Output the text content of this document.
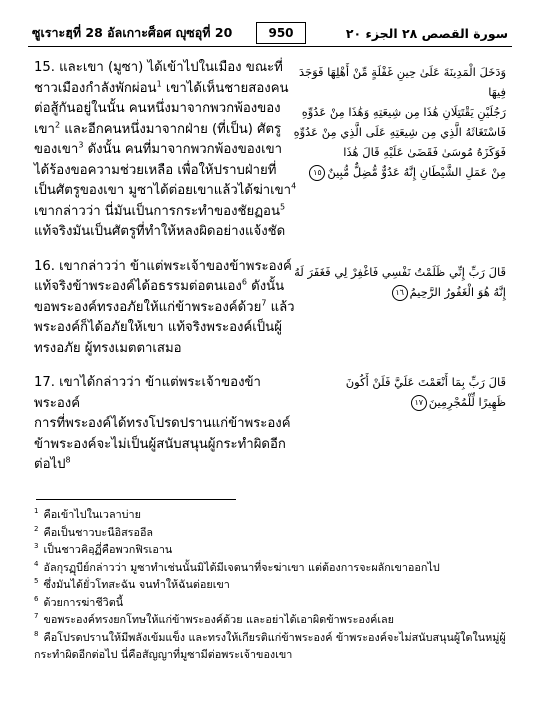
ซูเราะฮฺที่ 28 อัลเกาะศ็อศ ญุซอุที่ 20	950	سورة القصص ٢٨ الجزء ٢٠

15. และเขา (มูซา) ได้เข้าไปในเมือง ขณะที่

ชาวเมืองกำลังพักผ่อน$^1$ เขาได้เห็นชายสองคน

ต่อสู้กันอยู่ในนั้น คนหนึ่งมาจากพวกพ้องของ

เขา$^2$ และอีกคนหนึ่งมาจากฝ่าย (ที่เป็น) ศัตรู

ของเขา$^3$ ดังนั้น คนที่มาจากพวกพ้องของเขา

ได้ร้องขอความช่วยเหลือ เพื่อให้ปราบฝ่ายที่

เป็นศัตรูของเขา มูซาได้ต่อยเขาแล้วได้ฆ่าเขา$^4$

เขากล่าวว่า นี่มันเป็นการกระทำของชัยฏอน$^5$

แท้จริงมันเป็นศัตรูที่ทำให้หลงผิดอย่างแจ้งชัด

16. เขากล่าวว่า ข้าแต่พระเจ้าของข้าพระองค์

แท้จริงข้าพระองค์ได้อธรรมต่อตนเอง$^6$ ดังนั้น

ขอพระองค์ทรงอภัยให้แก่ข้าพระองค์ด้วย$^7$ แล้ว

พระองค์ก็ได้อภัยให้เขา แท้จริงพระองค์เป็นผู้

ทรงอภัย ผู้ทรงเมตตาเสมอ

17. เขาได้กล่าวว่า ข้าแต่พระเจ้าของข้าพระองค์

การที่พระองค์ได้ทรงโปรดปรานแก่ข้าพระองค์

ข้าพระองค์จะไม่เป็นผู้สนับสนุนผู้กระทำผิดอีก

ต่อไป$^8$

وَدَخَلَ الْمَدِينَةَ عَلَىٰ حِينِ غَفْلَةٍ مِّنْ أَهْلِهَا فَوَجَدَ فِيهَا
رَجُلَيْنِ يَقْتَتِلَانِ هَٰذَا مِن شِيعَتِهِ وَهَٰذَا مِنْ عَدُوِّهِ
فَاسْتَغَاثَهُ الَّذِي مِن شِيعَتِهِ عَلَى الَّذِي مِنْ عَدُوِّهِ
فَوَكَزَهُ مُوسَىٰ فَقَضَىٰ عَلَيْهِ قَالَ هَٰذَا
مِنْ عَمَلِ الشَّيْطَانِ إِنَّهُ عَدُوٌّ مُّضِلٌّ مُّبِينٌ١٥
قَالَ رَبِّ إِنِّي ظَلَمْتُ نَفْسِي فَاغْفِرْ لِي فَغَفَرَ لَهُ
إِنَّهُ هُوَ الْغَفُورُ الرَّحِيمُ١٦
قَالَ رَبِّ بِمَا أَنْعَمْتَ عَلَيَّ فَلَنْ أَكُونَ
ظَهِيرًا لِّلْمُجْرِمِينَ١٧
$^1$ คือเข้าไปในเวลาบ่าย
$^2$ คือเป็นชาวบะนีอิสรออีล
$^3$ เป็นชาวคิอฺฏี่คือพวกฟิรเอาน
$^4$ อัลกุรฏุบีย์กล่าวว่า มูซาทำเช่นนั้นมิได้มีเจตนาที่จะฆ่าเขา แต่ต้องการจะผลักเขาออกไป
$^5$ ซึ่งมันได้ยั่วโทสะฉัน จนทำให้ฉันต่อยเขา
$^6$ ด้วยการฆ่าชีวิตนี้
$^7$ ขอพระองค์ทรงยกโทษให้แก่ข้าพระองค์ด้วย และอย่าได้เอาผิดข้าพระองค์เลย
$^8$ คือโปรดปรานให้มีพลังเข้มแข็ง และทรงให้เกียรติแก่ข้าพระองค์ ข้าพระองค์จะไม่สนับสนุนผู้ใดในหมู่ผู้กระทำผิดอีกต่อไป นี่คือสัญญาที่มูซามีต่อพระเจ้าของเขา
